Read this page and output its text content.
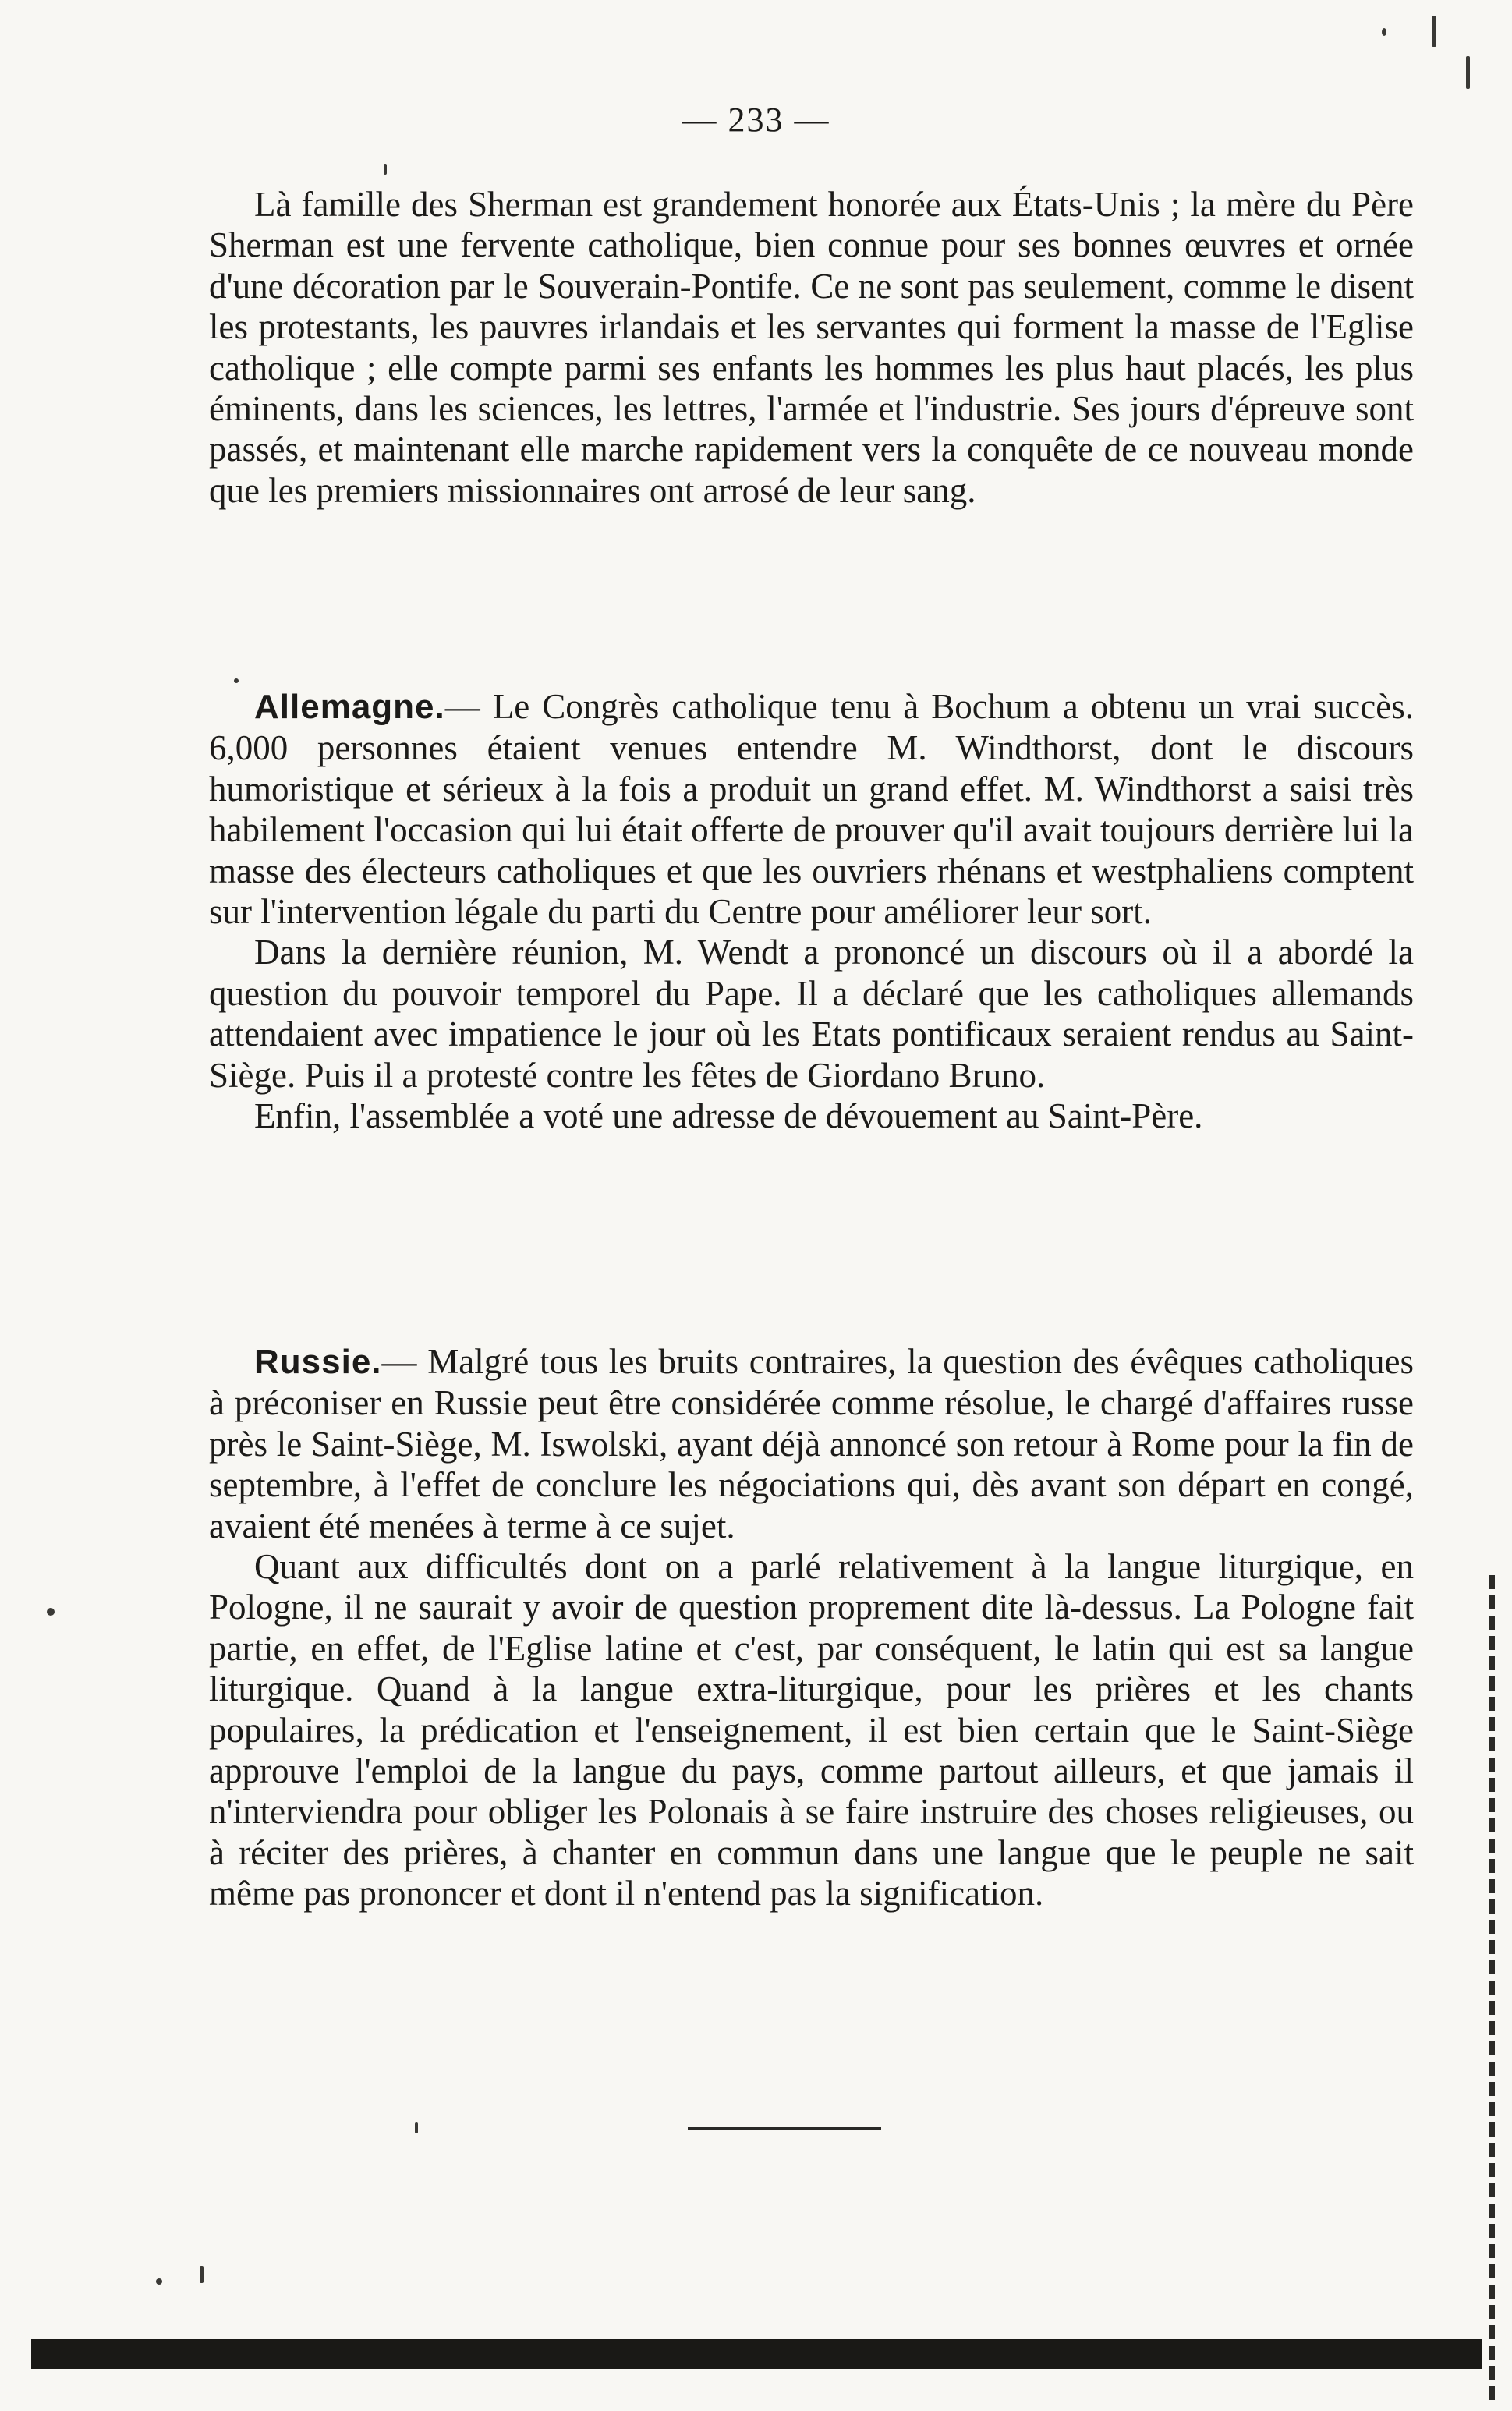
— 233 —

Là famille des Sherman est grandement honorée aux États-Unis ; la mère du Père Sherman est une fervente catholique, bien connue pour ses bonnes œuvres et ornée d'une décoration par le Souverain-Pontife. Ce ne sont pas seulement, comme le disent les protestants, les pauvres irlandais et les servantes qui forment la masse de l'Eglise catholique ; elle compte parmi ses enfants les hommes les plus haut placés, les plus éminents, dans les sciences, les lettres, l'armée et l'industrie. Ses jours d'épreuve sont passés, et maintenant elle marche rapidement vers la conquête de ce nouveau monde que les premiers missionnaires ont arrosé de leur sang.

Allemagne.— Le Congrès catholique tenu à Bochum a obtenu un vrai succès. 6,000 personnes étaient venues entendre M. Windthorst, dont le discours humoristique et sérieux à la fois a produit un grand effet. M. Windthorst a saisi très habilement l'occasion qui lui était offerte de prouver qu'il avait toujours derrière lui la masse des électeurs catholiques et que les ouvriers rhénans et westphaliens comptent sur l'intervention légale du parti du Centre pour améliorer leur sort.

Dans la dernière réunion, M. Wendt a prononcé un discours où il a abordé la question du pouvoir temporel du Pape. Il a déclaré que les catholiques allemands attendaient avec impatience le jour où les Etats pontificaux seraient rendus au Saint-Siège. Puis il a protesté contre les fêtes de Giordano Bruno.

Enfin, l'assemblée a voté une adresse de dévouement au Saint-Père.

Russie.— Malgré tous les bruits contraires, la question des évêques catholiques à préconiser en Russie peut être considérée comme résolue, le chargé d'affaires russe près le Saint-Siège, M. Iswolski, ayant déjà annoncé son retour à Rome pour la fin de septembre, à l'effet de conclure les négociations qui, dès avant son départ en congé, avaient été menées à terme à ce sujet.

Quant aux difficultés dont on a parlé relativement à la langue liturgique, en Pologne, il ne saurait y avoir de question proprement dite là-dessus. La Pologne fait partie, en effet, de l'Eglise latine et c'est, par conséquent, le latin qui est sa langue liturgique. Quand à la langue extra-liturgique, pour les prières et les chants populaires, la prédication et l'enseignement, il est bien certain que le Saint-Siège approuve l'emploi de la langue du pays, comme partout ailleurs, et que jamais il n'interviendra pour obliger les Polonais à se faire instruire des choses religieuses, ou à réciter des prières, à chanter en commun dans une langue que le peuple ne sait même pas prononcer et dont il n'entend pas la signification.
